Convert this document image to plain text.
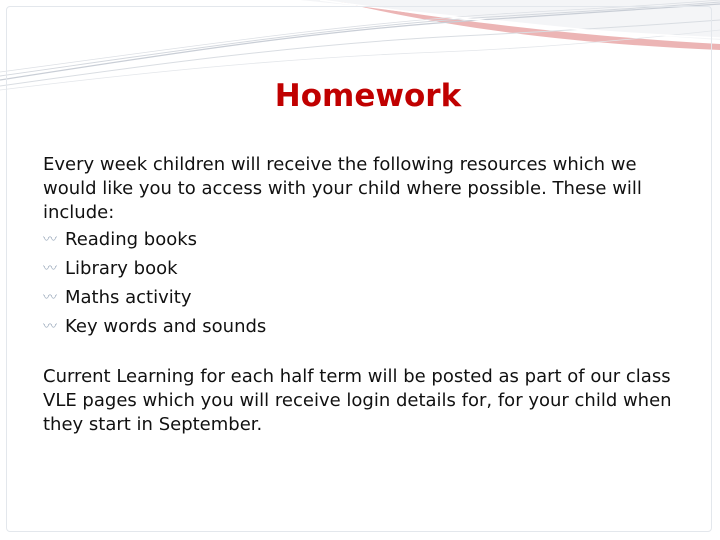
Homework

Every week children will receive the following resources which we would like you to access with your child where possible. These will include:

〰 Reading books
〰 Library book
〰 Maths activity
〰 Key words and sounds

Current Learning for each half term will be posted as part of our class VLE pages which you will receive login details for, for your child when they start in September.
